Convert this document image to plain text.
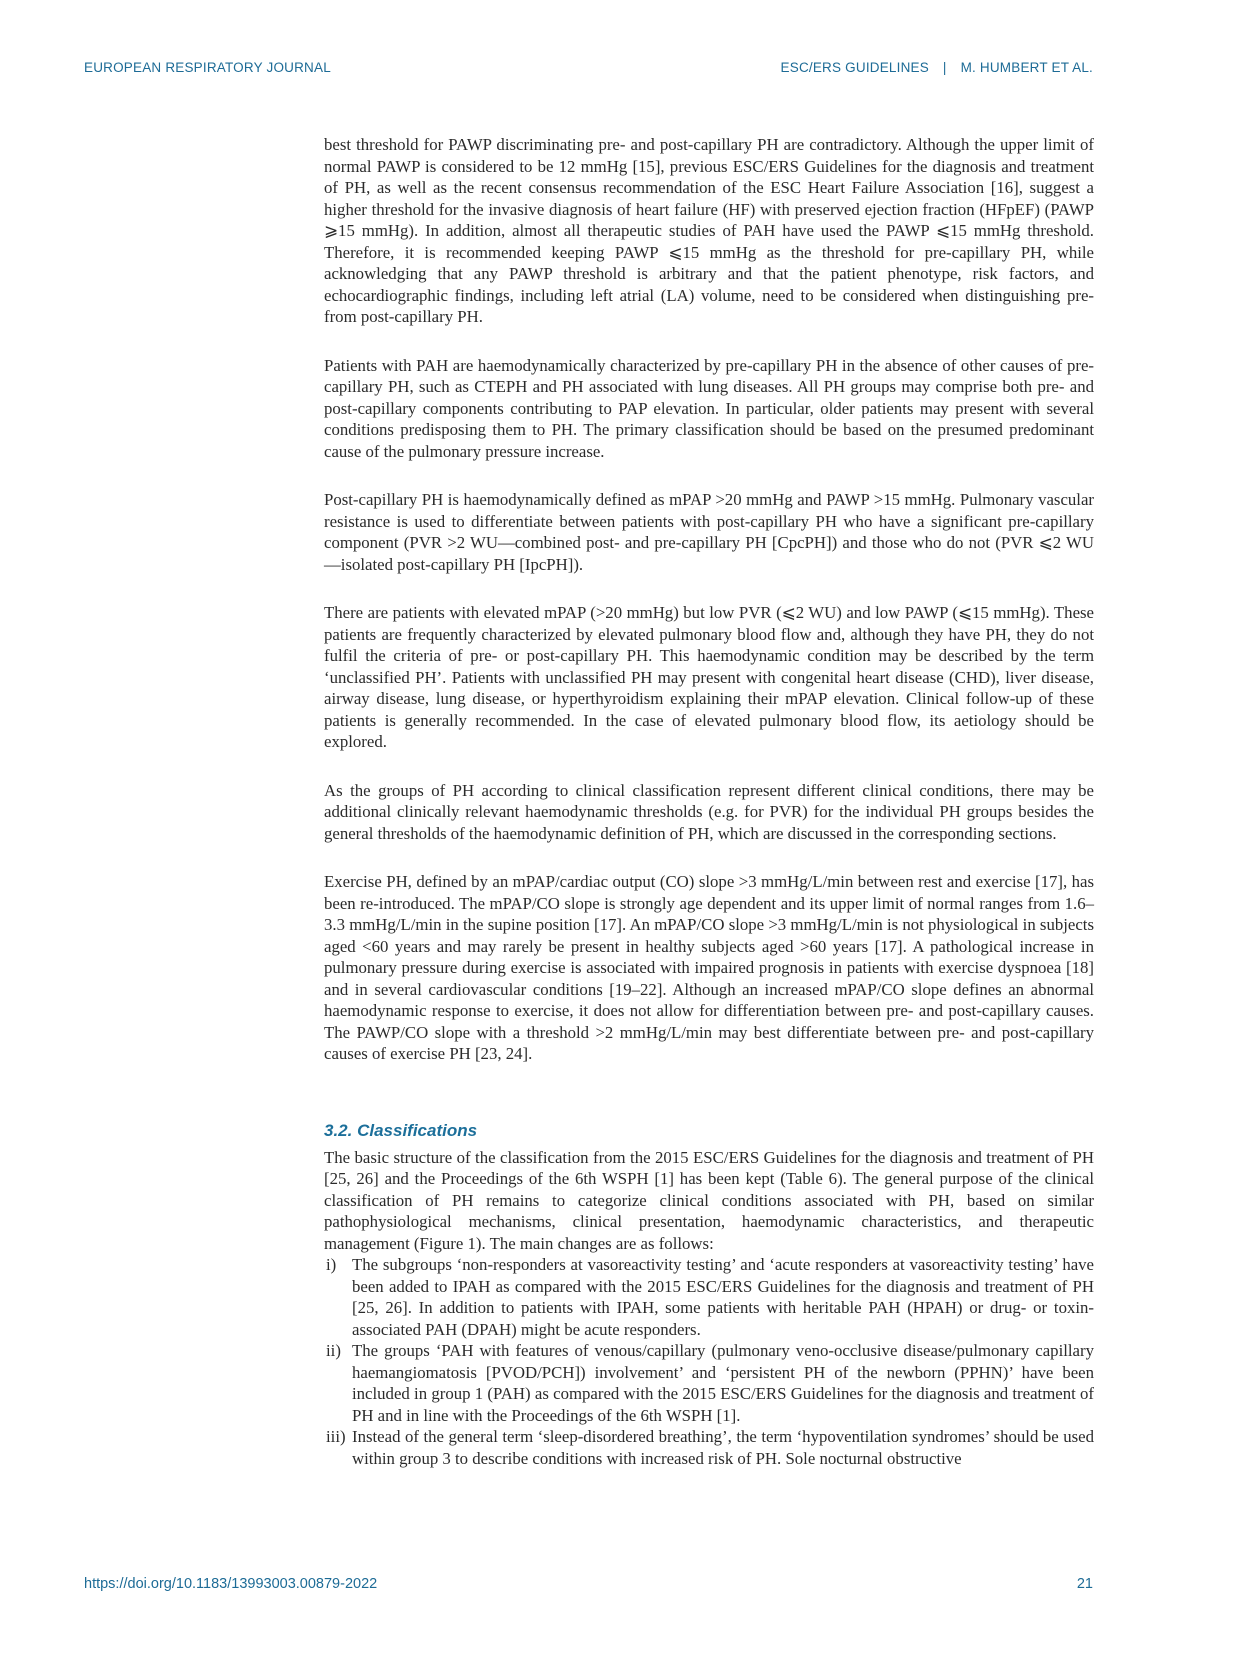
EUROPEAN RESPIRATORY JOURNAL	ESC/ERS GUIDELINES | M. HUMBERT ET AL.

best threshold for PAWP discriminating pre- and post-capillary PH are contradictory. Although the upper limit of normal PAWP is considered to be 12 mmHg [15], previous ESC/ERS Guidelines for the diagnosis and treatment of PH, as well as the recent consensus recommendation of the ESC Heart Failure Association [16], suggest a higher threshold for the invasive diagnosis of heart failure (HF) with preserved ejection fraction (HFpEF) (PAWP ⩾15 mmHg). In addition, almost all therapeutic studies of PAH have used the PAWP ⩽15 mmHg threshold. Therefore, it is recommended keeping PAWP ⩽15 mmHg as the threshold for pre-capillary PH, while acknowledging that any PAWP threshold is arbitrary and that the patient phenotype, risk factors, and echocardiographic findings, including left atrial (LA) volume, need to be considered when distinguishing pre- from post-capillary PH.

Patients with PAH are haemodynamically characterized by pre-capillary PH in the absence of other causes of pre-capillary PH, such as CTEPH and PH associated with lung diseases. All PH groups may comprise both pre- and post-capillary components contributing to PAP elevation. In particular, older patients may present with several conditions predisposing them to PH. The primary classification should be based on the presumed predominant cause of the pulmonary pressure increase.

Post-capillary PH is haemodynamically defined as mPAP >20 mmHg and PAWP >15 mmHg. Pulmonary vascular resistance is used to differentiate between patients with post-capillary PH who have a significant pre-capillary component (PVR >2 WU—combined post- and pre-capillary PH [CpcPH]) and those who do not (PVR ⩽2 WU—isolated post-capillary PH [IpcPH]).

There are patients with elevated mPAP (>20 mmHg) but low PVR (⩽2 WU) and low PAWP (⩽15 mmHg). These patients are frequently characterized by elevated pulmonary blood flow and, although they have PH, they do not fulfil the criteria of pre- or post-capillary PH. This haemodynamic condition may be described by the term ‘unclassified PH’. Patients with unclassified PH may present with congenital heart disease (CHD), liver disease, airway disease, lung disease, or hyperthyroidism explaining their mPAP elevation. Clinical follow-up of these patients is generally recommended. In the case of elevated pulmonary blood flow, its aetiology should be explored.

As the groups of PH according to clinical classification represent different clinical conditions, there may be additional clinically relevant haemodynamic thresholds (e.g. for PVR) for the individual PH groups besides the general thresholds of the haemodynamic definition of PH, which are discussed in the corresponding sections.

Exercise PH, defined by an mPAP/cardiac output (CO) slope >3 mmHg/L/min between rest and exercise [17], has been re-introduced. The mPAP/CO slope is strongly age dependent and its upper limit of normal ranges from 1.6–3.3 mmHg/L/min in the supine position [17]. An mPAP/CO slope >3 mmHg/L/min is not physiological in subjects aged <60 years and may rarely be present in healthy subjects aged >60 years [17]. A pathological increase in pulmonary pressure during exercise is associated with impaired prognosis in patients with exercise dyspnoea [18] and in several cardiovascular conditions [19–22]. Although an increased mPAP/CO slope defines an abnormal haemodynamic response to exercise, it does not allow for differentiation between pre- and post-capillary causes. The PAWP/CO slope with a threshold >2 mmHg/L/min may best differentiate between pre- and post-capillary causes of exercise PH [23, 24].

3.2. Classifications

The basic structure of the classification from the 2015 ESC/ERS Guidelines for the diagnosis and treatment of PH [25, 26] and the Proceedings of the 6th WSPH [1] has been kept (Table 6). The general purpose of the clinical classification of PH remains to categorize clinical conditions associated with PH, based on similar pathophysiological mechanisms, clinical presentation, haemodynamic characteristics, and therapeutic management (Figure 1). The main changes are as follows:

i) The subgroups ‘non-responders at vasoreactivity testing’ and ‘acute responders at vasoreactivity testing’ have been added to IPAH as compared with the 2015 ESC/ERS Guidelines for the diagnosis and treatment of PH [25, 26]. In addition to patients with IPAH, some patients with heritable PAH (HPAH) or drug- or toxin-associated PAH (DPAH) might be acute responders.
ii) The groups ‘PAH with features of venous/capillary (pulmonary veno-occlusive disease/pulmonary capillary haemangiomatosis [PVOD/PCH]) involvement’ and ‘persistent PH of the newborn (PPHN)’ have been included in group 1 (PAH) as compared with the 2015 ESC/ERS Guidelines for the diagnosis and treatment of PH and in line with the Proceedings of the 6th WSPH [1].
iii) Instead of the general term ‘sleep-disordered breathing’, the term ‘hypoventilation syndromes’ should be used within group 3 to describe conditions with increased risk of PH. Sole nocturnal obstructive
https://doi.org/10.1183/13993003.00879-2022	21
